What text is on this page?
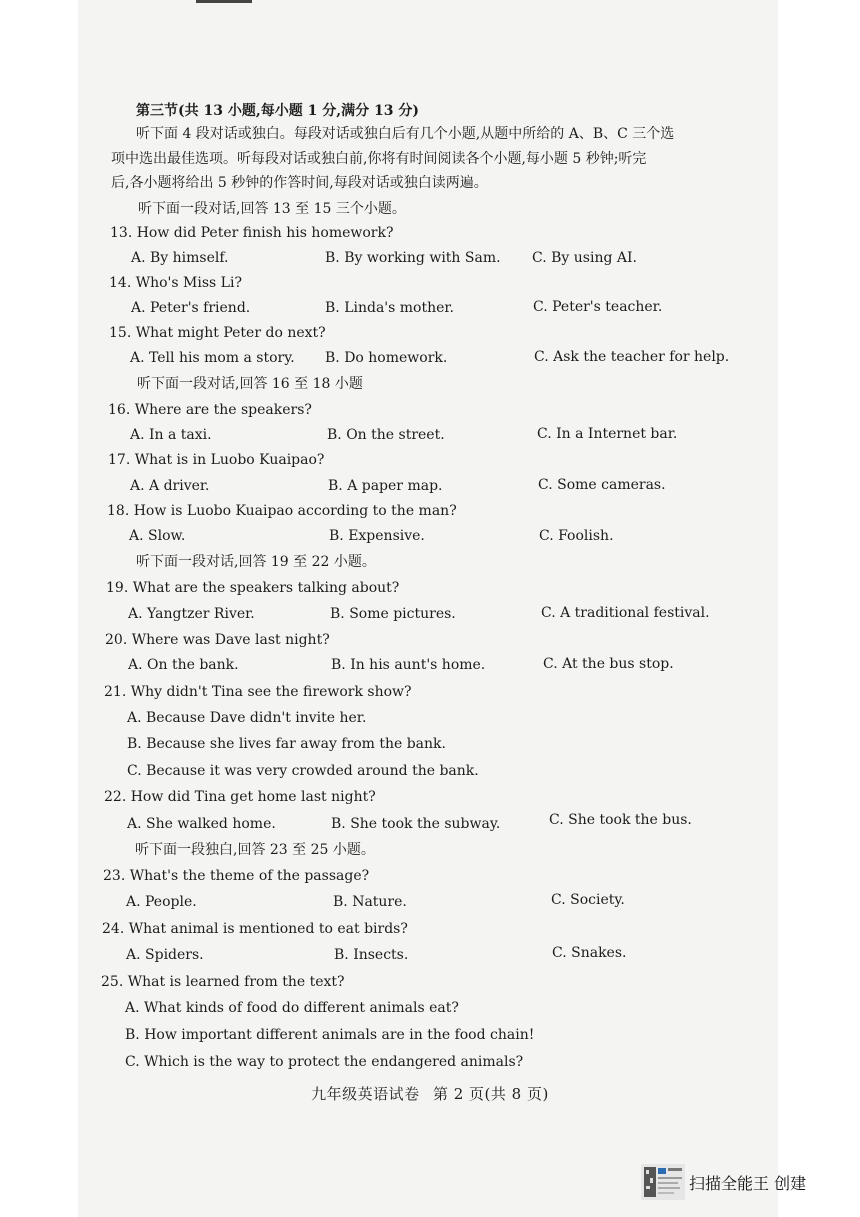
第三节(共 13 小题,每小题 1 分,满分 13 分)
听下面 4 段对话或独白。每段对话或独白后有几个小题,从题中所给的 A、B、C 三个选
项中选出最佳选项。听每段对话或独白前,你将有时间阅读各个小题,每小题 5 秒钟;听完
后,各小题将给出 5 秒钟的作答时间,每段对话或独白读两遍。
听下面一段对话,回答 13 至 15 三个小题。
13. How did Peter finish his homework?
A. By himself.	B. By working with Sam. C. By using AI.
14. Who's Miss Li?
A. Peter's friend.	B. Linda's mother.	C. Peter's teacher.
15. What might Peter do next?
A. Tell his mom a story. B. Do homework.	C. Ask the teacher for help.
听下面一段对话,回答 16 至 18 小题
16. Where are the speakers?
A. In a taxi.	B. On the street.	C. In a Internet bar.
17. What is in Luobo Kuaipao?
A. A driver.	B. A paper map.	C. Some cameras.
18. How is Luobo Kuaipao according to the man?
A. Slow.	B. Expensive.	C. Foolish.
听下面一段对话,回答 19 至 22 小题。
19. What are the speakers talking about?
A. Yangtzer River.	B. Some pictures.	C. A traditional festival.
20. Where was Dave last night?
A. On the bank.	B. In his aunt's home.	C. At the bus stop.
21. Why didn't Tina see the firework show?
A. Because Dave didn't invite her.
B. Because she lives far away from the bank.
C. Because it was very crowded around the bank.
22. How did Tina get home last night?
A. She walked home.	B. She took the subway.	C. She took the bus.
听下面一段独白,回答 23 至 25 小题。
23. What's the theme of the passage?
A. People.	B. Nature.	C. Society.
24. What animal is mentioned to eat birds?
A. Spiders.	B. Insects.	C. Snakes.
25. What is learned from the text?
A. What kinds of food do different animals eat?
B. How important different animals are in the food chain!
C. Which is the way to protect the endangered animals?
九年级英语试卷 第 2 页(共 8 页)
扫描全能王 创建
